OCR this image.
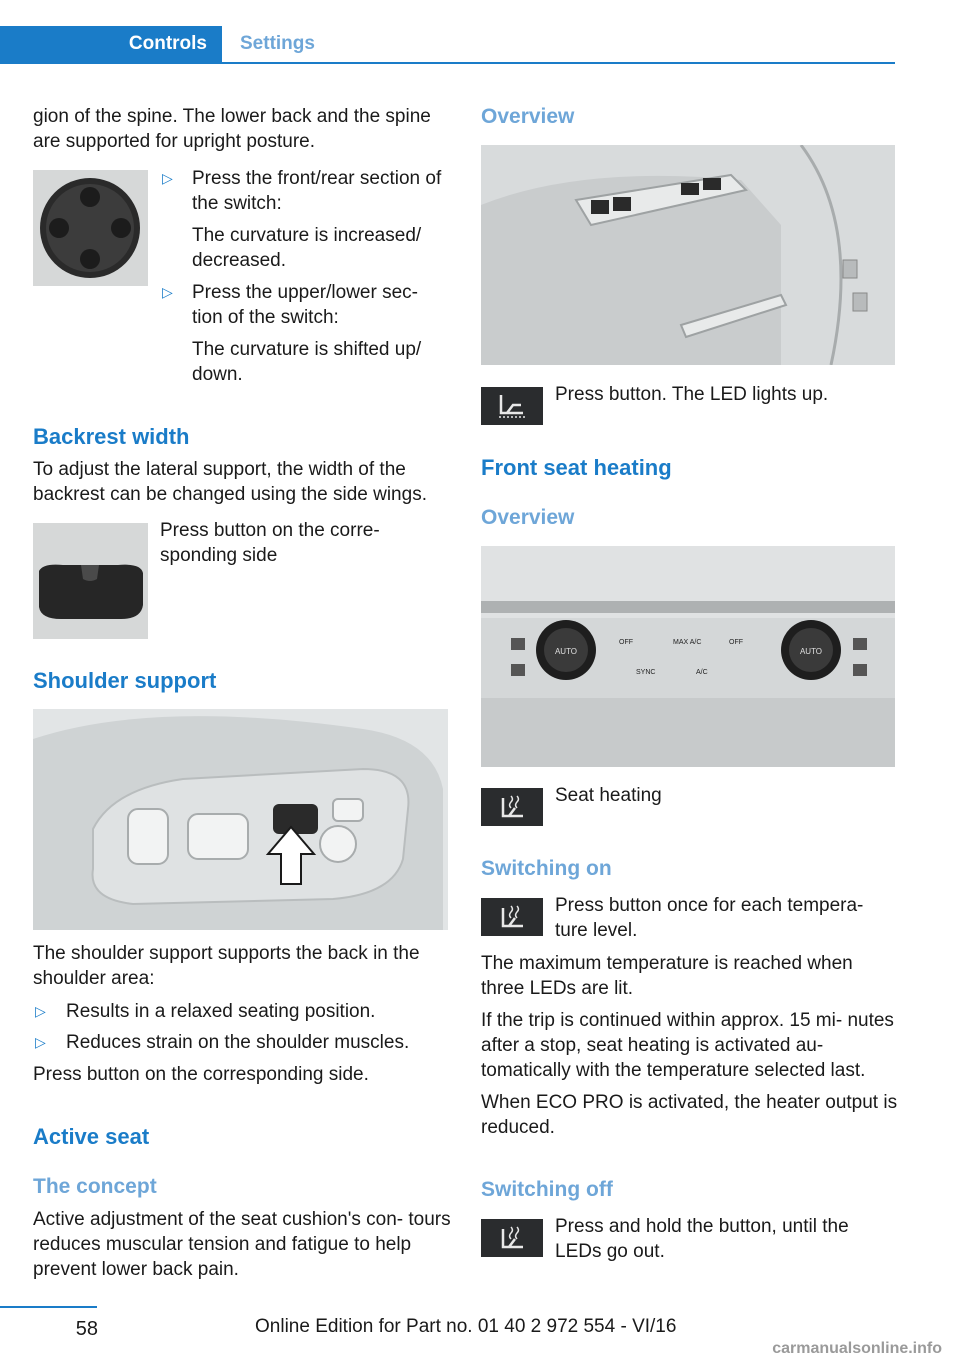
Controls	Settings

gion of the spine. The lower back and the spine are supported for upright posture.

▷ Press the front/rear section of the switch:

The curvature is increased/ decreased.

▷ Press the upper/lower sec‐ tion of the switch:

The curvature is shifted up/ down.

Backrest width

To adjust the lateral support, the width of the backrest can be changed using the side wings.

Press button on the corre‐ sponding side

Shoulder support

The shoulder support supports the back in the shoulder area:

▷ Results in a relaxed seating position.

▷ Reduces strain on the shoulder muscles.

Press button on the corresponding side.

Active seat
The concept

Active adjustment of the seat cushion's con‐ tours reduces muscular tension and fatigue to help prevent lower back pain.

Overview

Press button. The LED lights up.

Front seat heating
Overview
AUTO	AUTO
OFF	MAX A/C	OFF
SYNC	A/C

Seat heating

Switching on

Press button once for each tempera‐ ture level.

The maximum temperature is reached when three LEDs are lit.

If the trip is continued within approx. 15 mi‐ nutes after a stop, seat heating is activated au‐ tomatically with the temperature selected last.

When ECO PRO is activated, the heater output is reduced.

Switching off

Press and hold the button, until the LEDs go out.

58	Online Edition for Part no. 01 40 2 972 554 - VI/16
carmanualsonline.info
